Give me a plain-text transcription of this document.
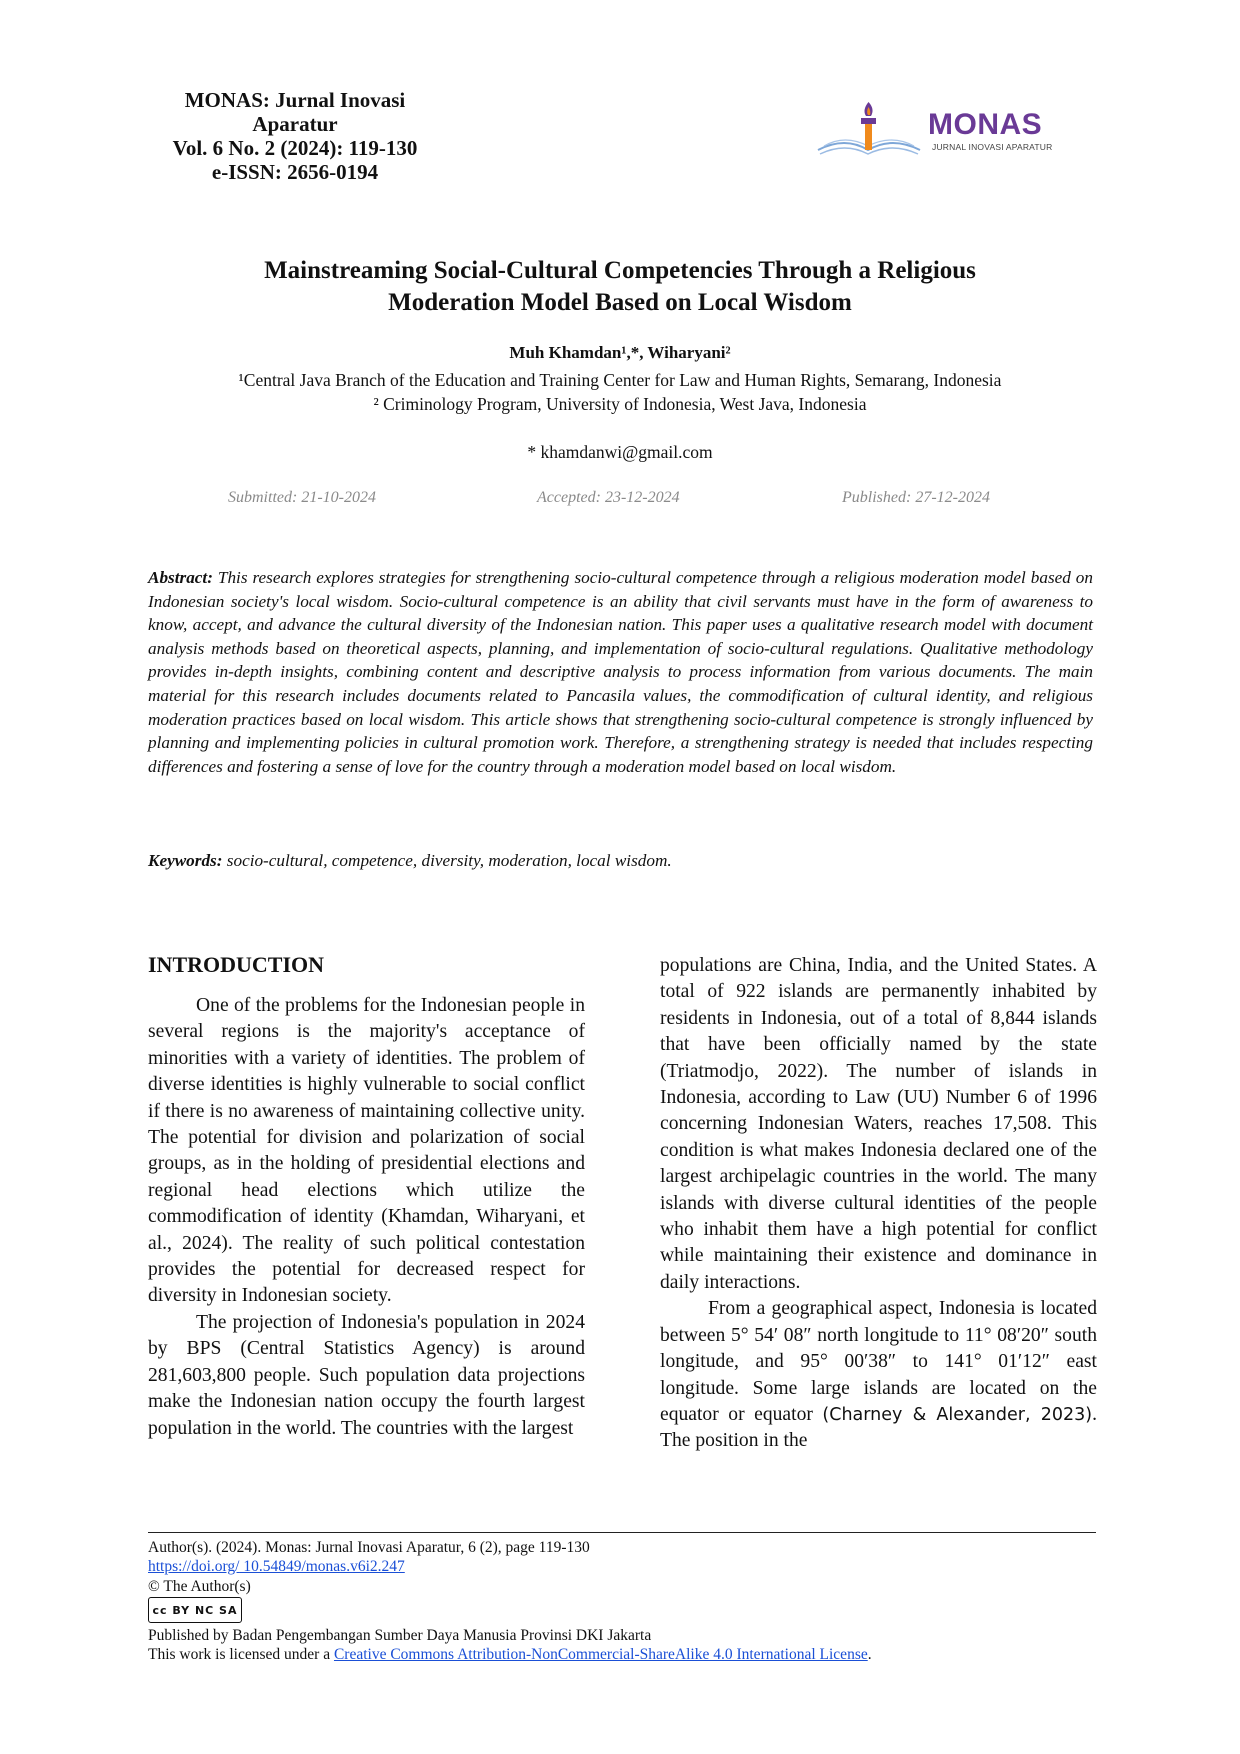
MONAS: Jurnal Inovasi Aparatur
Vol. 6 No. 2 (2024): 119-130
e-ISSN: 2656-0194
MONAS
JURNAL INOVASI APARATUR
Mainstreaming Social-Cultural Competencies Through a Religious
Moderation Model Based on Local Wisdom
Muh Khamdan¹,*, Wiharyani²
¹Central Java Branch of the Education and Training Center for Law and Human Rights, Semarang, Indonesia
² Criminology Program, University of Indonesia, West Java, Indonesia
* khamdanwi@gmail.com
Submitted: 21-10-2024	Accepted: 23-12-2024	Published: 27-12-2024
Abstract: This research explores strategies for strengthening socio-cultural competence through a religious moderation model based on Indonesian society's local wisdom. Socio-cultural competence is an ability that civil servants must have in the form of awareness to know, accept, and advance the cultural diversity of the Indonesian nation. This paper uses a qualitative research model with document analysis methods based on theoretical aspects, planning, and implementation of socio-cultural regulations. Qualitative methodology provides in-depth insights, combining content and descriptive analysis to process information from various documents. The main material for this research includes documents related to Pancasila values, the commodification of cultural identity, and religious moderation practices based on local wisdom. This article shows that strengthening socio-cultural competence is strongly influenced by planning and implementing policies in cultural promotion work. Therefore, a strengthening strategy is needed that includes respecting differences and fostering a sense of love for the country through a moderation model based on local wisdom.
Keywords: socio-cultural, competence, diversity, moderation, local wisdom.
INTRODUCTION

One of the problems for the Indonesian people in several regions is the majority's acceptance of minorities with a variety of identities. The problem of diverse identities is highly vulnerable to social conflict if there is no awareness of maintaining collective unity. The potential for division and polarization of social groups, as in the holding of presidential elections and regional head elections which utilize the commodification of identity (Khamdan, Wiharyani, et al., 2024). The reality of such political contestation provides the potential for decreased respect for diversity in Indonesian society.

The projection of Indonesia's population in 2024 by BPS (Central Statistics Agency) is around 281,603,800 people. Such population data projections make the Indonesian nation occupy the fourth largest population in the world. The countries with the largest

populations are China, India, and the United States. A total of 922 islands are permanently inhabited by residents in Indonesia, out of a total of 8,844 islands that have been officially named by the state (Triatmodjo, 2022). The number of islands in Indonesia, according to Law (UU) Number 6 of 1996 concerning Indonesian Waters, reaches 17,508. This condition is what makes Indonesia declared one of the largest archipelagic countries in the world. The many islands with diverse cultural identities of the people who inhabit them have a high potential for conflict while maintaining their existence and dominance in daily interactions.

From a geographical aspect, Indonesia is located between 5° 54′ 08″ north longitude to 11° 08′20″ south longitude, and 95° 00′38″ to 141° 01′12″ east longitude. Some large islands are located on the equator or equator (Charney & Alexander, 2023). The position in the

Author(s). (2024). Monas: Jurnal Inovasi Aparatur, 6 (2), page 119-130
https://doi.org/ 10.54849/monas.v6i2.247
© The Author(s)
cc BY NC SA
Published by Badan Pengembangan Sumber Daya Manusia Provinsi DKI Jakarta
This work is licensed under a Creative Commons Attribution-NonCommercial-ShareAlike 4.0 International License.
